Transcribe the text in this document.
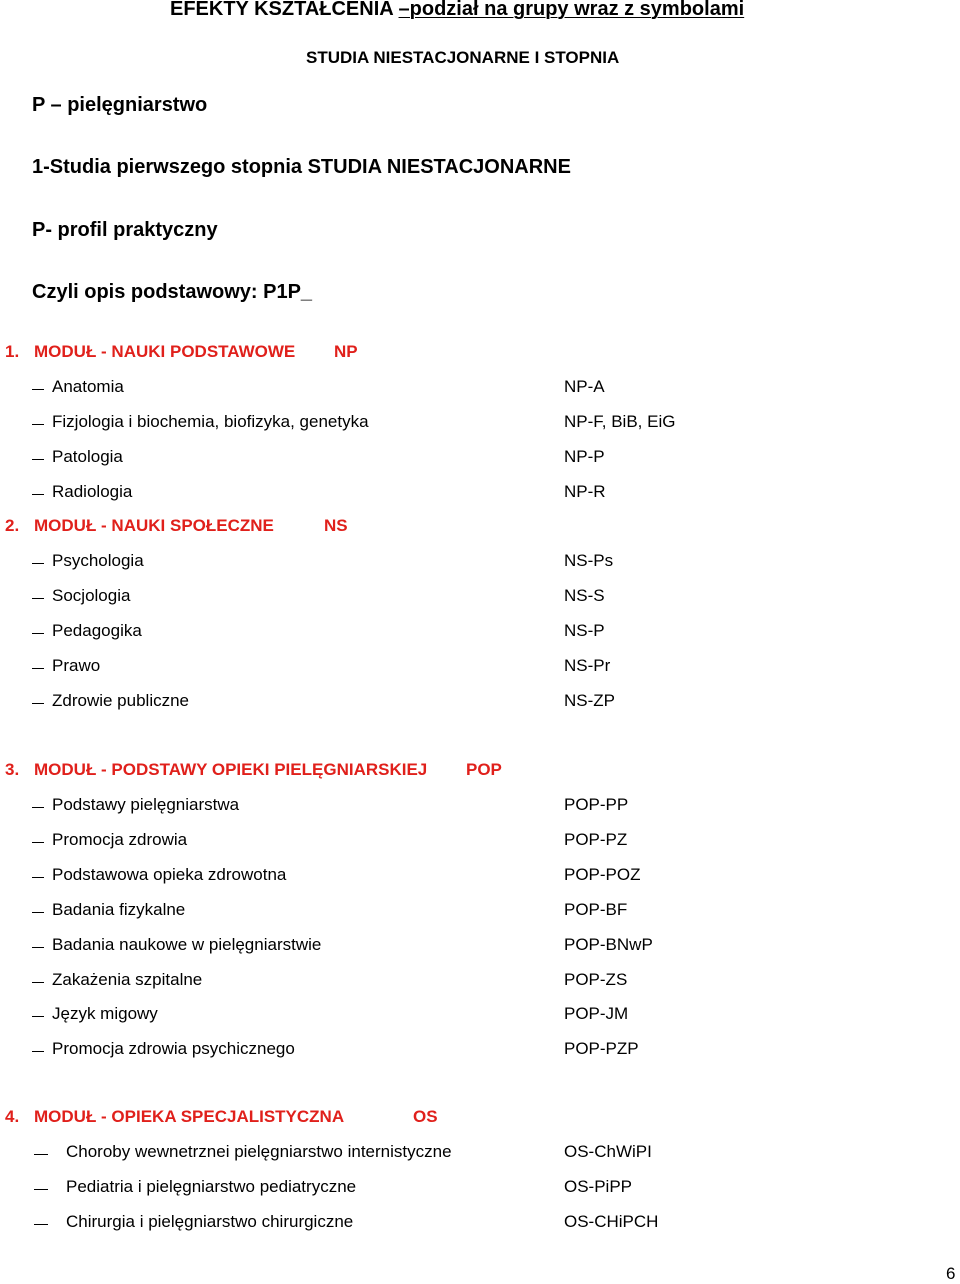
EFEKTY KSZTAŁCENIA –podział na grupy wraz z symbolami
STUDIA NIESTACJONARNE I STOPNIA
P – pielęgniarstwo
1-Studia pierwszego stopnia STUDIA NIESTACJONARNE
P- profil praktyczny
Czyli opis podstawowy: P1P_
1. MODUŁ - NAUKI PODSTAWOWE NP
Anatomia	NP-A
Fizjologia i biochemia, biofizyka, genetyka	NP-F, BiB, EiG
Patologia	NP-P
Radiologia	NP-R
2. MODUŁ - NAUKI SPOŁECZNE	NS
Psychologia	NS-Ps
Socjologia	NS-S
Pedagogika	NS-P
Prawo	NS-Pr
Zdrowie publiczne	NS-ZP
3. MODUŁ - PODSTAWY OPIEKI PIELĘGNIARSKIEJ POP
Podstawy pielęgniarstwa	POP-PP
Promocja zdrowia	POP-PZ
Podstawowa opieka zdrowotna	POP-POZ
Badania fizykalne	POP-BF
Badania naukowe w pielęgniarstwie	POP-BNwP
Zakażenia szpitalne	POP-ZS
Język migowy	POP-JM
Promocja zdrowia psychicznego	POP-PZP
4. MODUŁ - OPIEKA SPECJALISTYCZNA	OS
Choroby wewnetrznei pielęgniarstwo internistyczne	OS-ChWiPI
Pediatria i pielęgniarstwo pediatryczne	OS-PiPP
Chirurgia i pielęgniarstwo chirurgiczne	OS-CHiPCH
6
